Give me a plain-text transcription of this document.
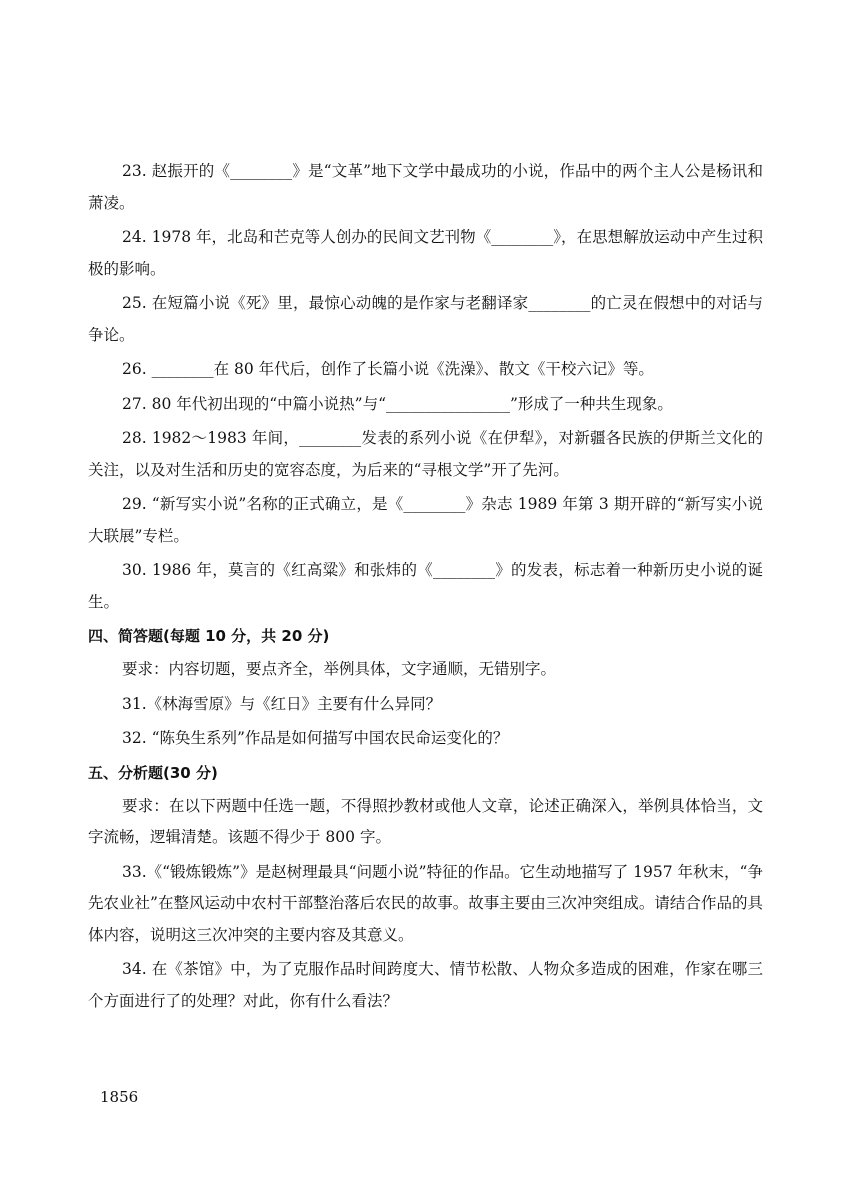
23. 赵振开的《________》是“文革”地下文学中最成功的小说，作品中的两个主人公是杨讯和萧凌。

24. 1978 年，北岛和芒克等人创办的民间文艺刊物《________》，在思想解放运动中产生过积极的影响。

25. 在短篇小说《死》里，最惊心动魄的是作家与老翻译家________的亡灵在假想中的对话与争论。

26. ________在 80 年代后，创作了长篇小说《洗澡》、散文《干校六记》等。

27. 80 年代初出现的“中篇小说热”与“________________”形成了一种共生现象。

28. 1982～1983 年间，________发表的系列小说《在伊犁》，对新疆各民族的伊斯兰文化的关注，以及对生活和历史的宽容态度，为后来的“寻根文学”开了先河。

29. “新写实小说”名称的正式确立，是《________》杂志 1989 年第 3 期开辟的“新写实小说大联展”专栏。

30. 1986 年，莫言的《红高粱》和张炜的《________》的发表，标志着一种新历史小说的诞生。

四、简答题(每题 10 分，共 20 分)

要求：内容切题，要点齐全，举例具体，文字通顺，无错别字。

31.《林海雪原》与《红日》主要有什么异同？

32. “陈奂生系列”作品是如何描写中国农民命运变化的？

五、分析题(30 分)

要求：在以下两题中任选一题，不得照抄教材或他人文章，论述正确深入，举例具体恰当，文字流畅，逻辑清楚。该题不得少于 800 字。

33.《“锻炼锻炼”》是赵树理最具“问题小说”特征的作品。它生动地描写了 1957 年秋末，“争先农业社”在整风运动中农村干部整治落后农民的故事。故事主要由三次冲突组成。请结合作品的具体内容，说明这三次冲突的主要内容及其意义。

34. 在《茶馆》中，为了克服作品时间跨度大、情节松散、人物众多造成的困难，作家在哪三个方面进行了的处理？对此，你有什么看法？

1856
